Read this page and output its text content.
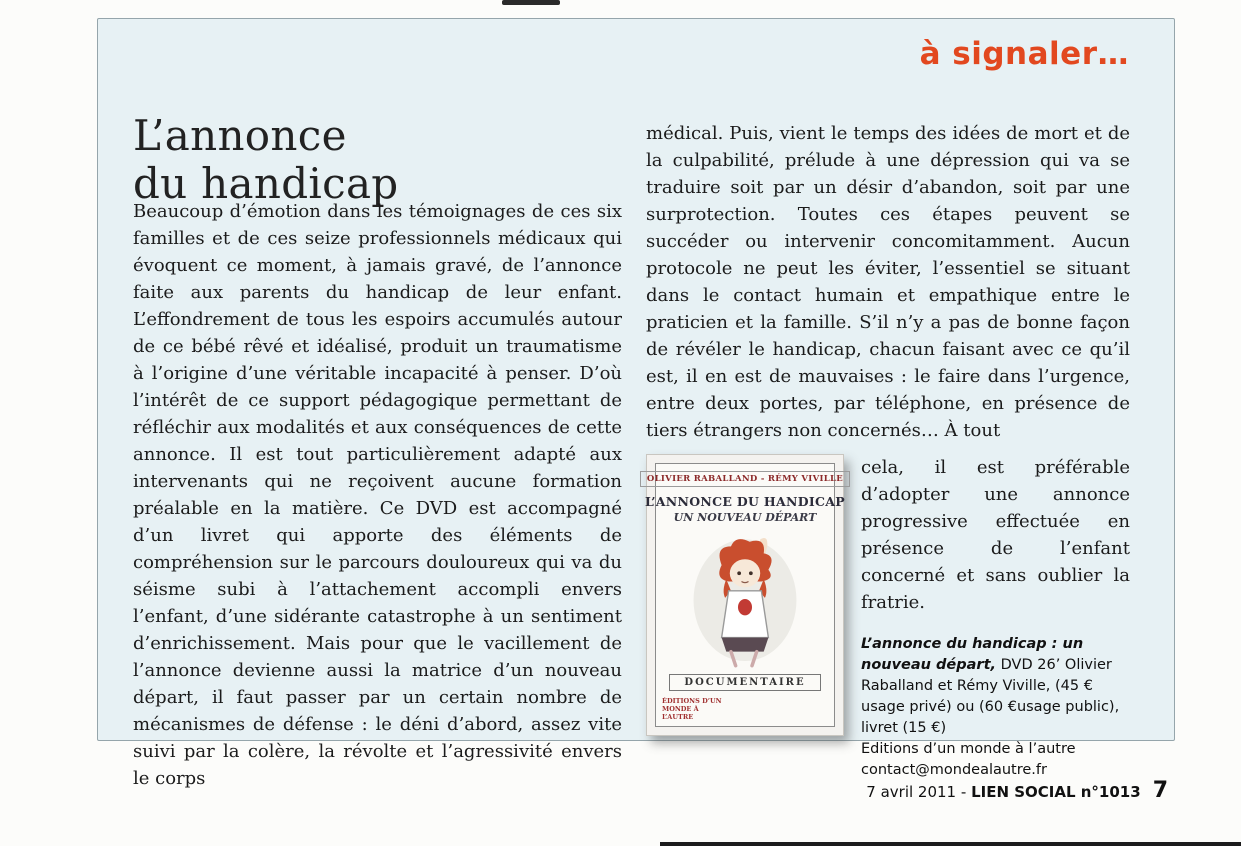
à signaler…
L’annonce
du handicap

Beaucoup d’émotion dans les témoignages de ces six familles et de ces seize professionnels médicaux qui évoquent ce moment, à jamais gravé, de l’annonce faite aux parents du handicap de leur enfant. L’effondrement de tous les espoirs accumulés autour de ce bébé rêvé et idéalisé, produit un traumatisme à l’origine d’une véritable incapacité à penser. D’où l’intérêt de ce support pédagogique permettant de réfléchir aux modalités et aux conséquences de cette annonce. Il est tout particulièrement adapté aux intervenants qui ne reçoivent aucune formation préalable en la matière. Ce DVD est accompagné d’un livret qui apporte des éléments de compréhension sur le parcours douloureux qui va du séisme subi à l’attachement accompli envers l’enfant, d’une sidérante catastrophe à un sentiment d’enrichissement. Mais pour que le vacillement de l’annonce devienne aussi la matrice d’un nouveau départ, il faut passer par un certain nombre de mécanismes de défense : le déni d’abord, assez vite suivi par la colère, la révolte et l’agressivité envers le corps

médical. Puis, vient le temps des idées de mort et de la culpabilité, prélude à une dépression qui va se traduire soit par un désir d’abandon, soit par une surprotection. Toutes ces étapes peuvent se succéder ou intervenir concomitamment. Aucun protocole ne peut les éviter, l’essentiel se situant dans le contact humain et empathique entre le praticien et la famille. S’il n’y a pas de bonne façon de révéler le handicap, chacun faisant avec ce qu’il est, il en est de mauvaises : le faire dans l’urgence, entre deux portes, par téléphone, en présence de tiers étrangers non concernés… À tout

OLIVIER RABALLAND - RÉMY VIVILLE
L’ANNONCE DU HANDICAP
UN NOUVEAU DÉPART
DOCUMENTAIRE
ÉDITIONS D’UN MONDE À L’AUTRE

cela, il est préférable d’adopter une annonce progressive effectuée en présence de l’enfant concerné et sans oublier la fratrie.

L’annonce du handicap : un nouveau départ, DVD 26’ Olivier Raballand et Rémy Viville, (45 € usage privé) ou (60 €usage public), livret (15 €)
Editions d’un monde à l’autre
contact@mondealautre.fr

7 avril 2011 - LIEN SOCIAL n°1013 7
